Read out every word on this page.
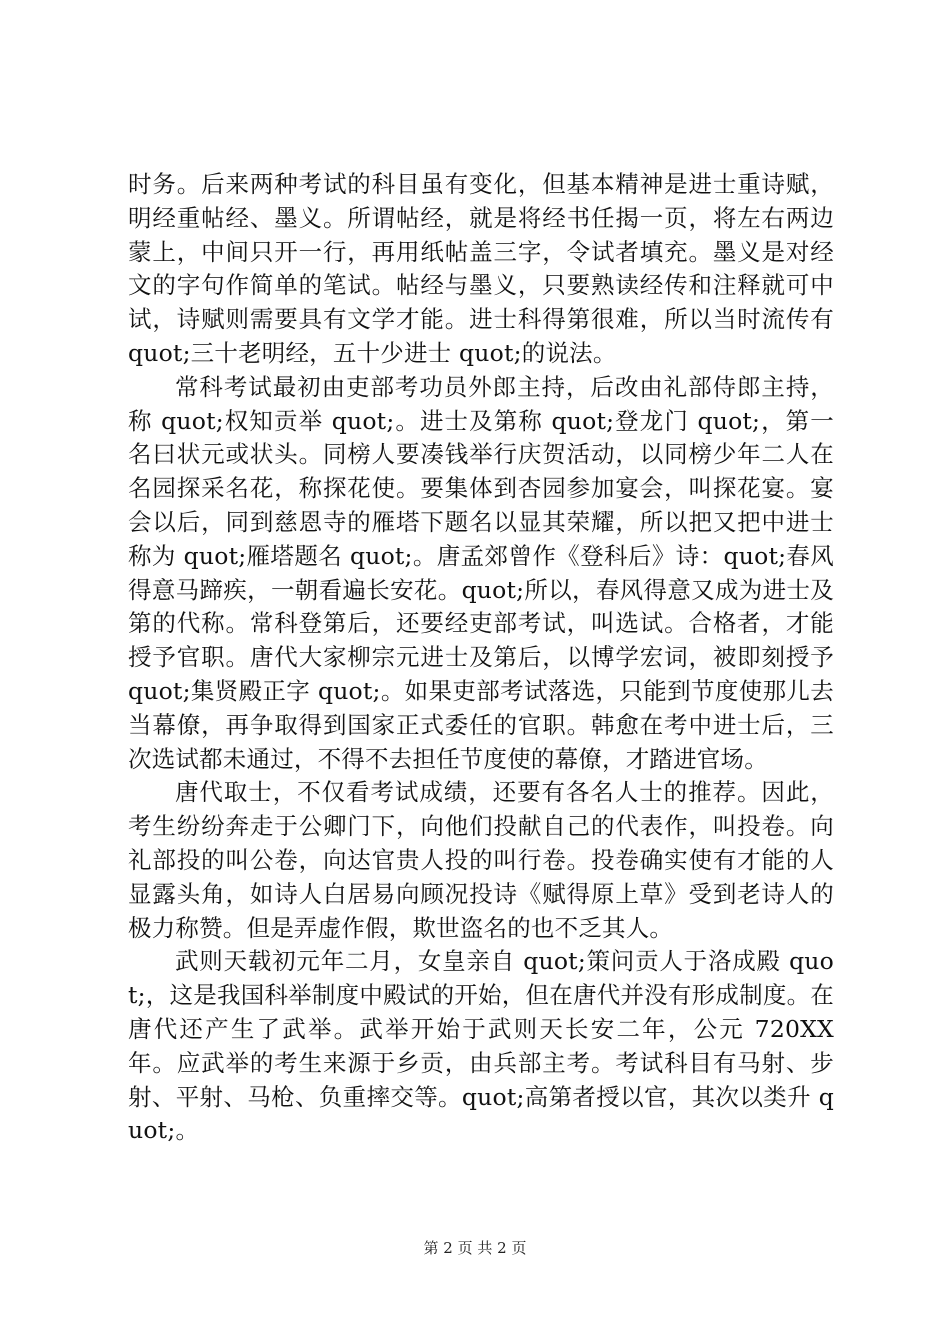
时务。后来两种考试的科目虽有变化，但基本精神是进士重诗赋，明经重帖经、墨义。所谓帖经，就是将经书任揭一页，将左右两边蒙上，中间只开一行，再用纸帖盖三字，令试者填充。墨义是对经文的字句作简单的笔试。帖经与墨义，只要熟读经传和注释就可中试，诗赋则需要具有文学才能。进士科得第很难，所以当时流传有 quot;三十老明经，五十少进士 quot;的说法。

常科考试最初由吏部考功员外郎主持，后改由礼部侍郎主持，称 quot;权知贡举 quot;。进士及第称 quot;登龙门 quot;，第一名曰状元或状头。同榜人要凑钱举行庆贺活动，以同榜少年二人在名园探采名花，称探花使。要集体到杏园参加宴会，叫探花宴。宴会以后，同到慈恩寺的雁塔下题名以显其荣耀，所以把又把中进士称为 quot;雁塔题名 quot;。唐孟郊曾作《登科后》诗：quot;春风得意马蹄疾，一朝看遍长安花。quot;所以，春风得意又成为进士及第的代称。常科登第后，还要经吏部考试，叫选试。合格者，才能授予官职。唐代大家柳宗元进士及第后，以博学宏词，被即刻授予 quot;集贤殿正字 quot;。如果吏部考试落选，只能到节度使那儿去当幕僚，再争取得到国家正式委任的官职。韩愈在考中进士后，三次选试都未通过，不得不去担任节度使的幕僚，才踏进官场。

唐代取士，不仅看考试成绩，还要有各名人士的推荐。因此，考生纷纷奔走于公卿门下，向他们投献自己的代表作，叫投卷。向礼部投的叫公卷，向达官贵人投的叫行卷。投卷确实使有才能的人显露头角，如诗人白居易向顾况投诗《赋得原上草》受到老诗人的极力称赞。但是弄虚作假，欺世盗名的也不乏其人。

武则天载初元年二月，女皇亲自 quot;策问贡人于洛成殿 quot;，这是我国科举制度中殿试的开始，但在唐代并没有形成制度。在唐代还产生了武举。武举开始于武则天长安二年，公元 720XX 年。应武举的考生来源于乡贡，由兵部主考。考试科目有马射、步射、平射、马枪、负重摔交等。quot;高第者授以官，其次以类升 quot;。

第 2 页 共 2 页
